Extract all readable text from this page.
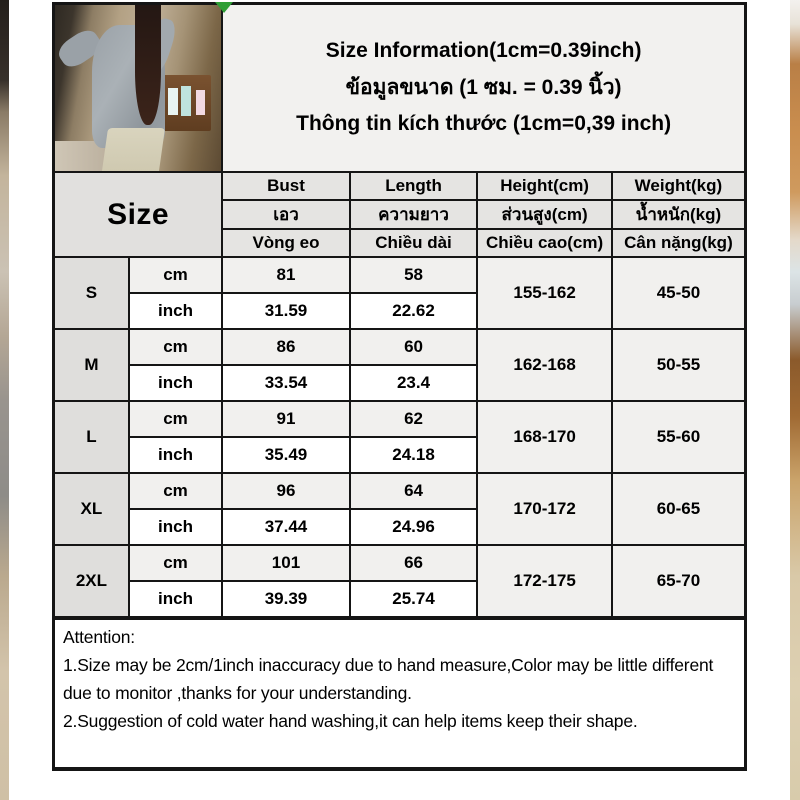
		Size Information(1cm=0.39inch)
ข้อมูลขนาด (1 ซม. = 0.39 นิ้ว)
Thông tin kích thước (1cm=0,39 inch)			

Size		Bust	Length	Height(cm)	Weight(kg)
		เอว	ความยาว	ส่วนสูง(cm)	น้ำหนัก(kg)
		Vòng eo	Chiều dài	Chiều cao(cm)	Cân nặng(kg)
S	cm	81	58	155-162	45-50
	inch	31.59	22.62		
M	cm	86	60	162-168	50-55
	inch	33.54	23.4		
L	cm	91	62	168-170	55-60
	inch	35.49	24.18		
XL	cm	96	64	170-172	60-65
	inch	37.44	24.96		
2XL	cm	101	66	172-175	65-70
	inch	39.39	25.74		
Attention:
1.Size may be 2cm/1inch inaccuracy due to hand measure,Color may be little different due to monitor ,thanks for your understanding.
2.Suggestion of cold water hand washing,it can help items keep their shape.
